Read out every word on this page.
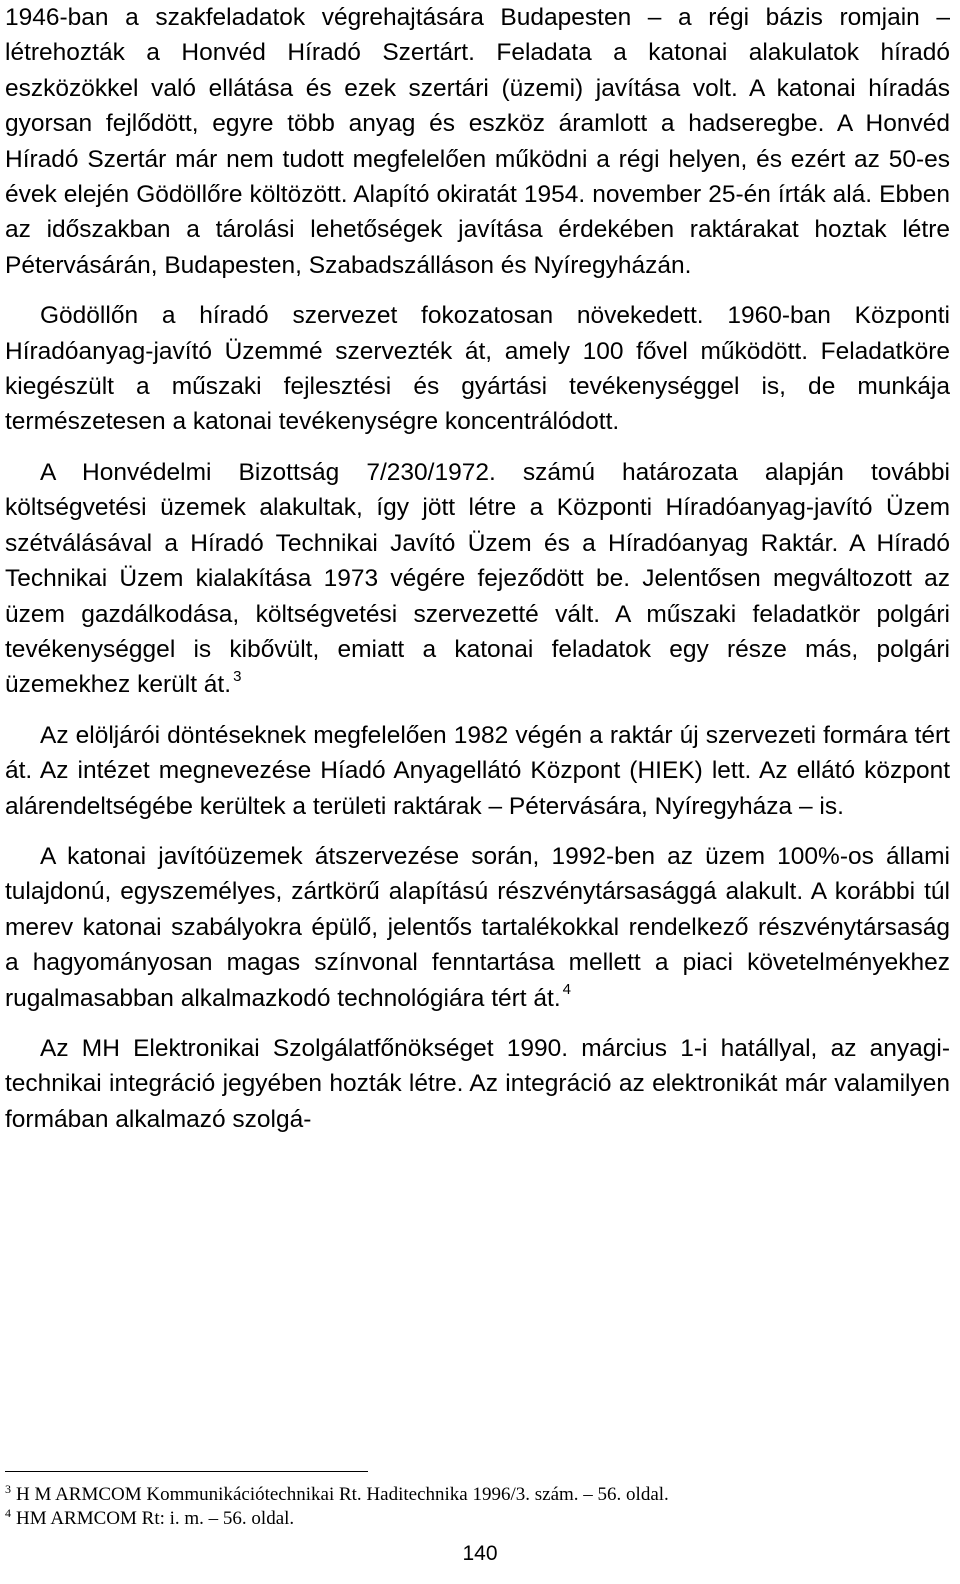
1946-ban a szakfeladatok végrehajtására Budapesten – a régi bázis romjain – létrehozták a Honvéd Híradó Szertárt. Feladata a katonai alakulatok híradó eszközökkel való ellátása és ezek szertári (üzemi) javítása volt. A katonai híradás gyorsan fejlődött, egyre több anyag és eszköz áramlott a hadseregbe. A Honvéd Híradó Szertár már nem tudott megfelelően működni a régi helyen, és ezért az 50-es évek elején Gödöllőre költözött. Alapító okiratát 1954. november 25-én írták alá. Ebben az időszakban a tárolási lehetőségek javítása érdekében raktárakat hoztak létre Pétervásárán, Budapesten, Szabadszálláson és Nyíregyházán.

Gödöllőn a híradó szervezet fokozatosan növekedett. 1960-ban Központi Híradóanyag-javító Üzemmé szervezték át, amely 100 fővel működött. Feladatköre kiegészült a műszaki fejlesztési és gyártási tevékenységgel is, de munkája természetesen a katonai tevékenységre koncentrálódott.

A Honvédelmi Bizottság 7/230/1972. számú határozata alapján további költségvetési üzemek alakultak, így jött létre a Központi Híradóanyag-javító Üzem szétválásával a Híradó Technikai Javító Üzem és a Híradóanyag Raktár. A Híradó Technikai Üzem kialakítása 1973 végére fejeződött be. Jelentősen megváltozott az üzem gazdálkodása, költségvetési szervezetté vált. A műszaki feladatkör polgári tevékenységgel is kibővült, emiatt a katonai feladatok egy része más, polgári üzemekhez került át. $^3$

Az elöljárói döntéseknek megfelelően 1982 végén a raktár új szervezeti formára tért át. Az intézet megnevezése Híadó Anyagellátó Központ (HIEK) lett. Az ellátó központ alárendeltségébe kerültek a területi raktárak – Pétervására, Nyíregyháza – is.

A katonai javítóüzemek átszervezése során, 1992-ben az üzem 100%-os állami tulajdonú, egyszemélyes, zártkörű alapítású részvénytársasággá alakult. A korábbi túl merev katonai szabályokra épülő, jelentős tartalékokkal rendelkező részvénytársaság a hagyományosan magas színvonal fenntartása mellett a piaci követelményekhez rugalmasabban alkalmazkodó technológiára tért át. $^4$

Az MH Elektronikai Szolgálatfőnökséget 1990. március 1-i hatállyal, az anyagi-technikai integráció jegyében hozták létre. Az integráció az elektronikát már valamilyen formában alkalmazó szolgá-

$^3$ H M ARMCOM Kommunikációtechnikai Rt. Haditechnika 1996/3. szám. – 56. oldal.

$^4$ HM ARMCOM Rt: i. m. – 56. oldal.

140
